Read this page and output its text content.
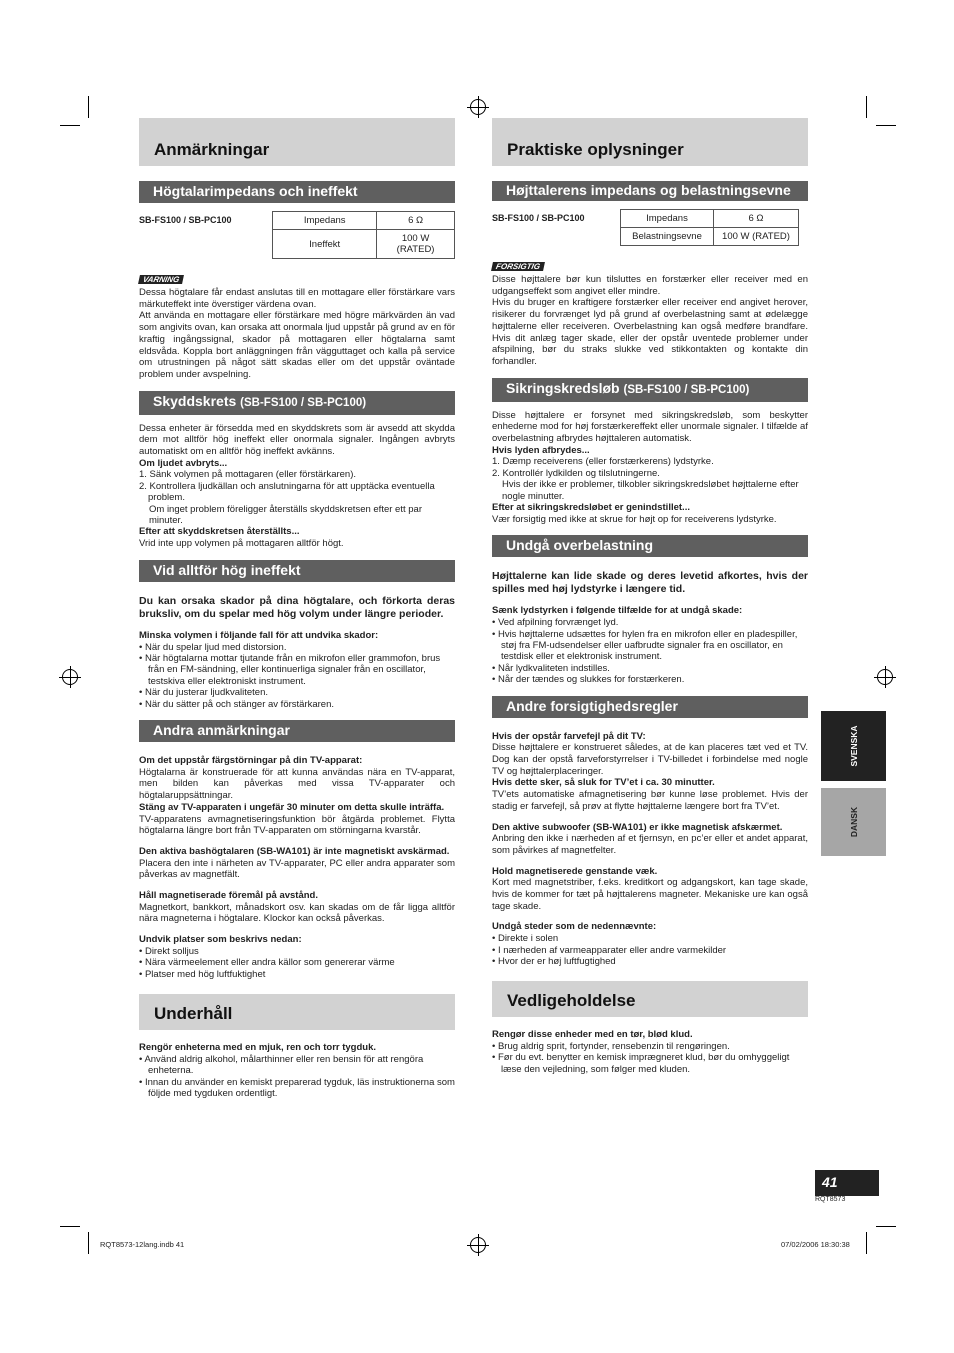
Anmärkningar
Högtalarimpedans och ineffekt
SB-FS100 / SB-PC100	Impedans	6 Ω
Ineffekt	100 W (RATED)
VARNING

Dessa högtalare får endast anslutas till en mottagare eller förstärkare vars märkuteffekt inte överstiger värdena ovan.

Att använda en mottagare eller förstärkare med högre märkvärden än vad som angivits ovan, kan orsaka att onormala ljud uppstår på grund av en för kraftig ingångssignal, skador på mottagaren eller högtalarna samt eldsvåda. Koppla bort anläggningen från vägguttaget och kalla på service om utrustningen på något sätt skadas eller om det uppstår oväntade problem under avspelning.

Skyddskrets (SB-FS100 / SB-PC100)

Dessa enheter är försedda med en skyddskrets som är avsedd att skydda dem mot alltför hög ineffekt eller onormala signaler. Ingången avbryts automatiskt om en alltför hög ineffekt avkänns.

Om ljudet avbryts...

1. Sänk volymen på mottagaren (eller förstärkaren).
2. Kontrollera ljudkällan och anslutningarna för att upptäcka eventuella problem.
Om inget problem föreligger återställs skyddskretsen efter ett par minuter.

Efter att skyddskretsen återställts...

Vrid inte upp volymen på mottagaren alltför högt.

Vid alltför hög ineffekt

Du kan orsaka skador på dina högtalare, och förkorta deras bruksliv, om du spelar med hög volym under längre perioder.

Minska volymen i följande fall för att undvika skador:

• När du spelar ljud med distorsion.
• När högtalarna mottar tjutande från en mikrofon eller grammofon, brus från en FM-sändning, eller kontinuerliga signaler från en oscillator, testskiva eller elektroniskt instrument.
• När du justerar ljudkvaliteten.
• När du sätter på och stänger av förstärkaren.
Andra anmärkningar

Om det uppstår färgstörningar på din TV-apparat:

Högtalarna är konstruerade för att kunna användas nära en TV-apparat, men bilden kan påverkas med vissa TV-apparater och högtalaruppsättningar.

Stäng av TV-apparaten i ungefär 30 minuter om detta skulle inträffa.

TV-apparatens avmagnetiseringsfunktion bör åtgärda problemet. Flytta högtalarna längre bort från TV-apparaten om störningarna kvarstår.

Den aktiva bashögtalaren (SB-WA101) är inte magnetiskt avskärmad.

Placera den inte i närheten av TV-apparater, PC eller andra apparater som påverkas av magnetfält.

Håll magnetiserade föremål på avstånd.

Magnetkort, bankkort, månadskort osv. kan skadas om de får ligga alltför nära magneterna i högtalare. Klockor kan också påverkas.

Undvik platser som beskrivs nedan:

• Direkt solljus
• Nära värmeelement eller andra källor som genererar värme
• Platser med hög luftfuktighet
Underhåll

Rengör enheterna med en mjuk, ren och torr tygduk.

• Använd aldrig alkohol, målarthinner eller ren bensin för att rengöra enheterna.
• Innan du använder en kemiskt preparerad tygduk, läs instruktionerna som följde med tygduken ordentligt.
Praktiske oplysninger
Højttalerens impedans og belastningsevne
SB-FS100 / SB-PC100	Impedans	6 Ω
Belastningsevne	100 W (RATED)
FORSIGTIG

Disse højttalere bør kun tilsluttes en forstærker eller receiver med en udgangseffekt som angivet eller mindre.

Hvis du bruger en kraftigere forstærker eller receiver end angivet herover, risikerer du forvrænget lyd på grund af overbelastning samt at ødelægge højttalerne eller receiveren. Overbelastning kan også medføre brandfare. Hvis dit anlæg tager skade, eller der opstår uventede problemer under afspilning, bør du straks slukke ved stikkontakten og kontakte din forhandler.

Sikringskredsløb (SB-FS100 / SB-PC100)

Disse højttalere er forsynet med sikringskredsløb, som beskytter enhederne mod for høj forstærkereffekt eller unormale signaler. I tilfælde af overbelastning afbrydes højttaleren automatisk.

Hvis lyden afbrydes...

1. Dæmp receiverens (eller forstærkerens) lydstyrke.
2. Kontrollér lydkilden og tilslutningerne.
Hvis der ikke er problemer, tilkobler sikringskredsløbet højttalerne efter nogle minutter.

Efter at sikringskredsløbet er genindstillet...

Vær forsigtig med ikke at skrue for højt op for receiverens lydstyrke.

Undgå overbelastning

Højttalerne kan lide skade og deres levetid afkortes, hvis der spilles med høj lydstyrke i længere tid.

Sænk lydstyrken i følgende tilfælde for at undgå skade:

• Ved afpilning forvrænget lyd.
• Hvis højttalerne udsættes for hylen fra en mikrofon eller en pladespiller, støj fra FM-udsendelser eller uafbrudte signaler fra en oscillator, en testdisk eller et elektronisk instrument.
• Når lydkvaliteten indstilles.
• Når der tændes og slukkes for forstærkeren.
Andre forsigtighedsregler

Hvis der opstår farvefejl på dit TV:

Disse højttalere er konstrueret således, at de kan placeres tæt ved et TV. Dog kan der opstå farveforstyrrelser i TV-billedet i forbindelse med nogle TV og højttalerplaceringer.

Hvis dette sker, så sluk for TV’et i ca. 30 minutter.

TV’ets automatiske afmagnetisering bør kunne løse problemet. Hvis der stadig er farvefejl, så prøv at flytte højttalerne længere bort fra TV’et.

Den aktive subwoofer (SB-WA101) er ikke magnetisk afskærmet.

Anbring den ikke i nærheden af et fjernsyn, en pc’er eller et andet apparat, som påvirkes af magnetfelter.

Hold magnetiserede genstande væk.

Kort med magnetstriber, f.eks. kreditkort og adgangskort, kan tage skade, hvis de kommer for tæt på højttalerens magneter. Mekaniske ure kan også tage skade.

Undgå steder som de nedennævnte:

• Direkte i solen
• I nærheden af varmeapparater eller andre varmekilder
• Hvor der er høj luftfugtighed
Vedligeholdelse

Rengør disse enheder med en tør, blød klud.

• Brug aldrig sprit, fortynder, rensebenzin til rengøringen.
• Før du evt. benytter en kemisk imprægneret klud, bør du omhyggeligt læse den vejledning, som følger med kluden.
SVENSKA
DANSK
41
RQT8573
RQT8573-12lang.indb 41	07/02/2006 18:30:38
